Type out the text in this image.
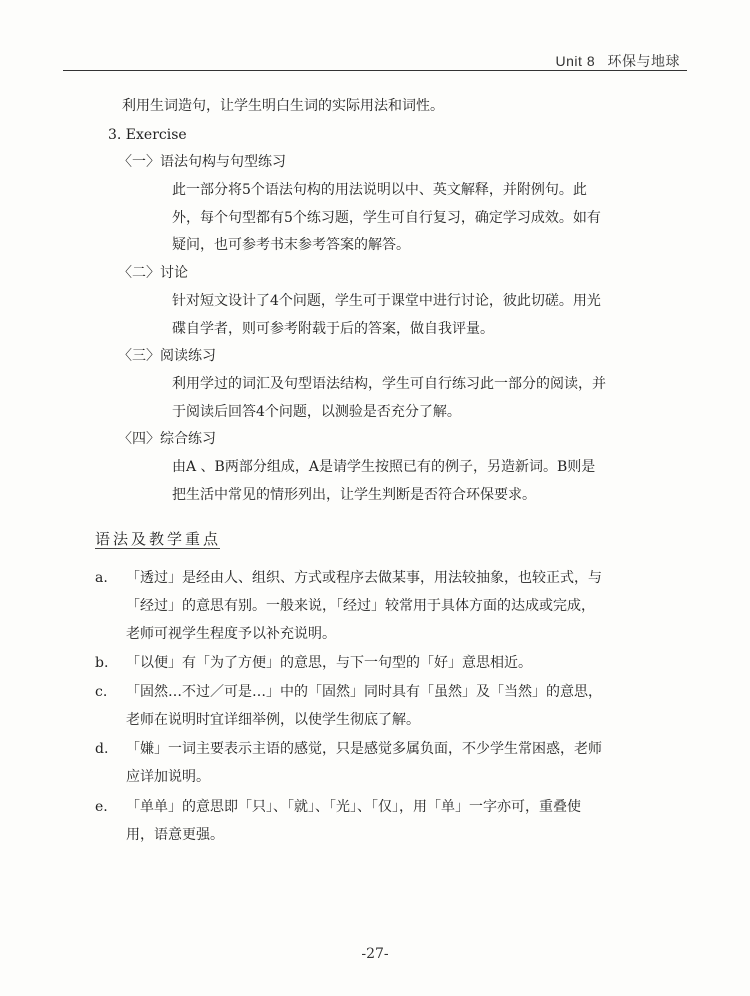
Unit 8 环保与地球
利用生词造句，让学生明白生词的实际用法和词性。
3. Exercise
〈一〉语法句构与句型练习
此一部分将5个语法句构的用法说明以中、英文解释，并附例句。此
外，每个句型都有5个练习题，学生可自行复习，确定学习成效。如有
疑问，也可参考书末参考答案的解答。
〈二〉讨论
针对短文设计了4个问题，学生可于课堂中进行讨论，彼此切磋。用光
碟自学者，则可参考附载于后的答案，做自我评量。
〈三〉阅读练习
利用学过的词汇及句型语法结构，学生可自行练习此一部分的阅读，并
于阅读后回答4个问题，以测验是否充分了解。
〈四〉综合练习
由A 、B两部分组成，A是请学生按照已有的例子，另造新词。B则是
把生活中常见的情形列出，让学生判断是否符合环保要求。
语法及教学重点
a. 「透过」是经由人、组织、方式或程序去做某事，用法较抽象，也较正式，与
「经过」的意思有别。一般来说，「经过」较常用于具体方面的达成或完成，
老师可视学生程度予以补充说明。
b. 「以便」有「为了方便」的意思，与下一句型的「好」意思相近。
c. 「固然…不过／可是…」中的「固然」同时具有「虽然」及「当然」的意思，
老师在说明时宜详细举例，以使学生彻底了解。
d. 「嫌」一词主要表示主语的感觉，只是感觉多属负面，不少学生常困惑，老师
应详加说明。
e. 「单单」的意思即「只」、「就」、「光」、「仅」，用「单」一字亦可，重叠使
用，语意更强。
-27-
